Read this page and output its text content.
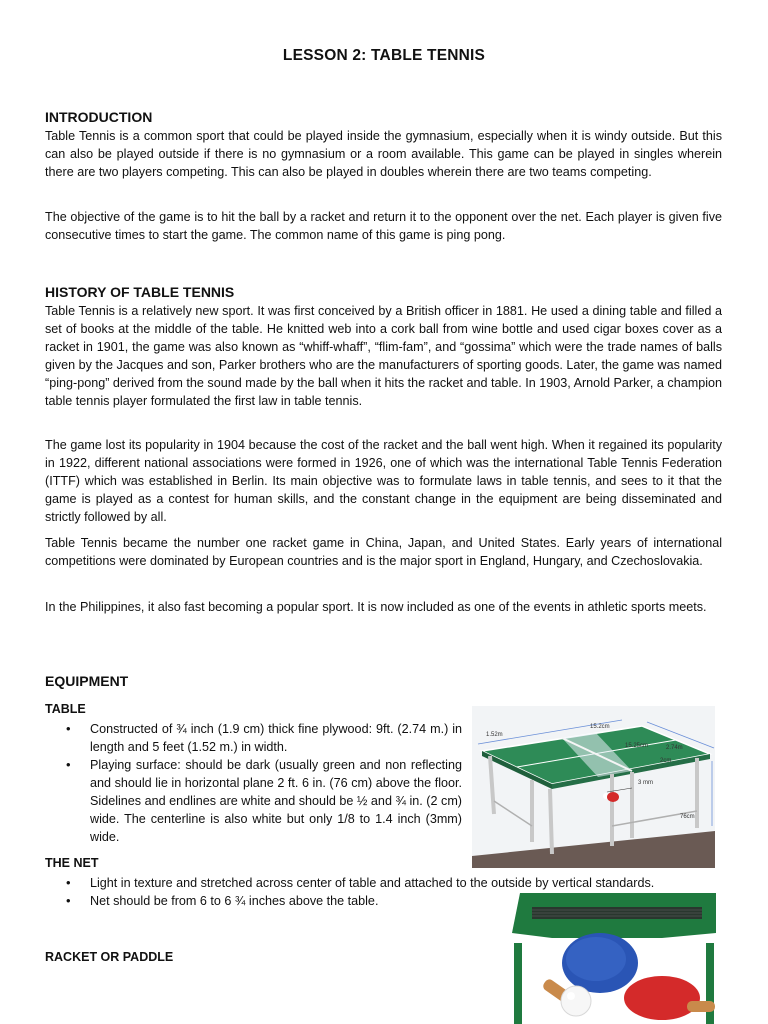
LESSON 2: TABLE TENNIS
INTRODUCTION

Table Tennis is a common sport that could be played inside the gymnasium, especially when it is windy outside. But this can also be played outside if there is no gymnasium or a room available. This game can be played in singles wherein there are two players competing. This can also be played in doubles wherein there are two teams competing.

The objective of the game is to hit the ball by a racket and return it to the opponent over the net. Each player is given five consecutive times to start the game. The common name of this game is ping pong.

HISTORY OF TABLE TENNIS

Table Tennis is a relatively new sport. It was first conceived by a British officer in 1881. He used a dining table and filled a set of books at the middle of the table. He knitted web into a cork ball from wine bottle and used cigar boxes cover as a racket in 1901, the game was also known as “whiff-whaff”, “flim-fam”, and “gossima” which were the trade names of balls given by the Jacques and son, Parker brothers who are the manufacturers of sporting goods. Later, the game was named “ping-pong” derived from the sound made by the ball when it hits the racket and table. In 1903, Arnold Parker, a champion table tennis player formulated the first law in table tennis.

The game lost its popularity in 1904 because the cost of the racket and the ball went high. When it regained its popularity in 1922, different national associations were formed in 1926, one of which was the international Table Tennis Federation (ITTF) which was established in Berlin. Its main objective was to formulate laws in table tennis, and sees to it that the game is played as a contest for human skills, and the constant change in the equipment are being disseminated and strictly followed by all.

Table Tennis became the number one racket game in China, Japan, and United States. Early years of international competitions were dominated by European countries and is the major sport in England, Hungary, and Czechoslovakia.

In the Philippines, it also fast becoming a popular sport. It is now included as one of the events in athletic sports meets.

EQUIPMENT
TABLE
• Constructed of ¾ inch (1.9 cm) thick fine plywood: 9ft. (2.74 m.) in length and 5 feet (1.52 m.) in width.
• Playing surface: should be dark (usually green and non reflecting and should lie in horizontal plane 2 ft. 6 in. (76 cm) above the floor. Sidelines and endlines are white and should be ½ and ¾ in. (2 cm) wide. The centerline is also white but only 1/8 to 1.4 inch (3mm) wide.
1.52m
15.2cm
15.25cm	2.74m
2cm
3 mm
76cm
THE NET
• Light in texture and stretched across center of table and attached to the outside by vertical standards.
• Net should be from 6 to 6 ¾ inches above the table.
RACKET OR PADDLE
